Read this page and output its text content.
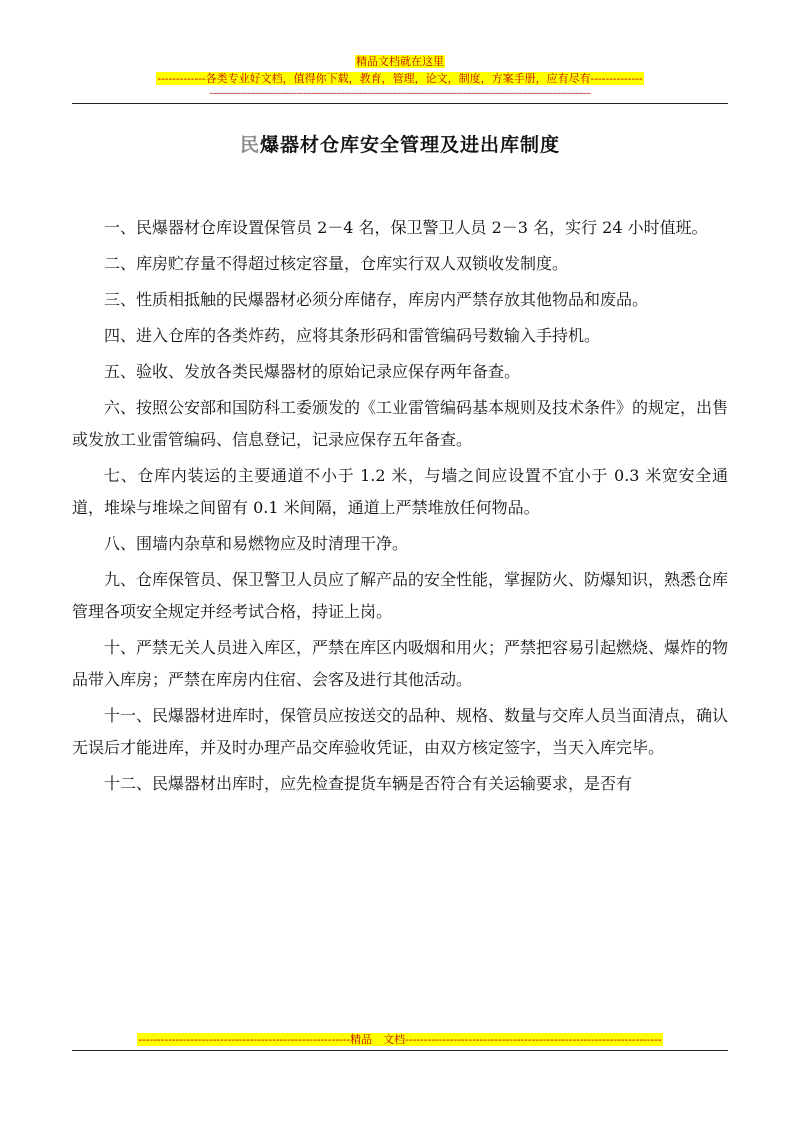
精品文档就在这里
-------------各类专业好文档，值得你下载，教育，管理，论文，制度，方案手册，应有尽有--------------
------------------------------------------------------------------------------------------------------------------------------------------------------
民爆器材仓库安全管理及进出库制度

一、民爆器材仓库设置保管员 2－4 名，保卫警卫人员 2－3 名，实行 24 小时值班。

二、库房贮存量不得超过核定容量，仓库实行双人双锁收发制度。

三、性质相抵触的民爆器材必须分库储存，库房内严禁存放其他物品和废品。

四、进入仓库的各类炸药，应将其条形码和雷管编码号数输入手持机。

五、验收、发放各类民爆器材的原始记录应保存两年备查。

六、按照公安部和国防科工委颁发的《工业雷管编码基本规则及技术条件》的规定，出售或发放工业雷管编码、信息登记，记录应保存五年备查。

七、仓库内装运的主要通道不小于 1.2 米，与墙之间应设置不宜小于 0.3 米宽安全通道，堆垛与堆垛之间留有 0.1 米间隔，通道上严禁堆放任何物品。

八、围墙内杂草和易燃物应及时清理干净。

九、仓库保管员、保卫警卫人员应了解产品的安全性能，掌握防火、防爆知识，熟悉仓库管理各项安全规定并经考试合格，持证上岗。

十、严禁无关人员进入库区，严禁在库区内吸烟和用火；严禁把容易引起燃烧、爆炸的物品带入库房；严禁在库房内住宿、会客及进行其他活动。

十一、民爆器材进库时，保管员应按送交的品种、规格、数量与交库人员当面清点，确认无误后才能进库，并及时办理产品交库验收凭证，由双方核定签字，当天入库完毕。

十二、民爆器材出库时，应先检查提货车辆是否符合有关运输要求，是否有

---------------------------------------------------------精品　文档---------------------------------------------------------------------
